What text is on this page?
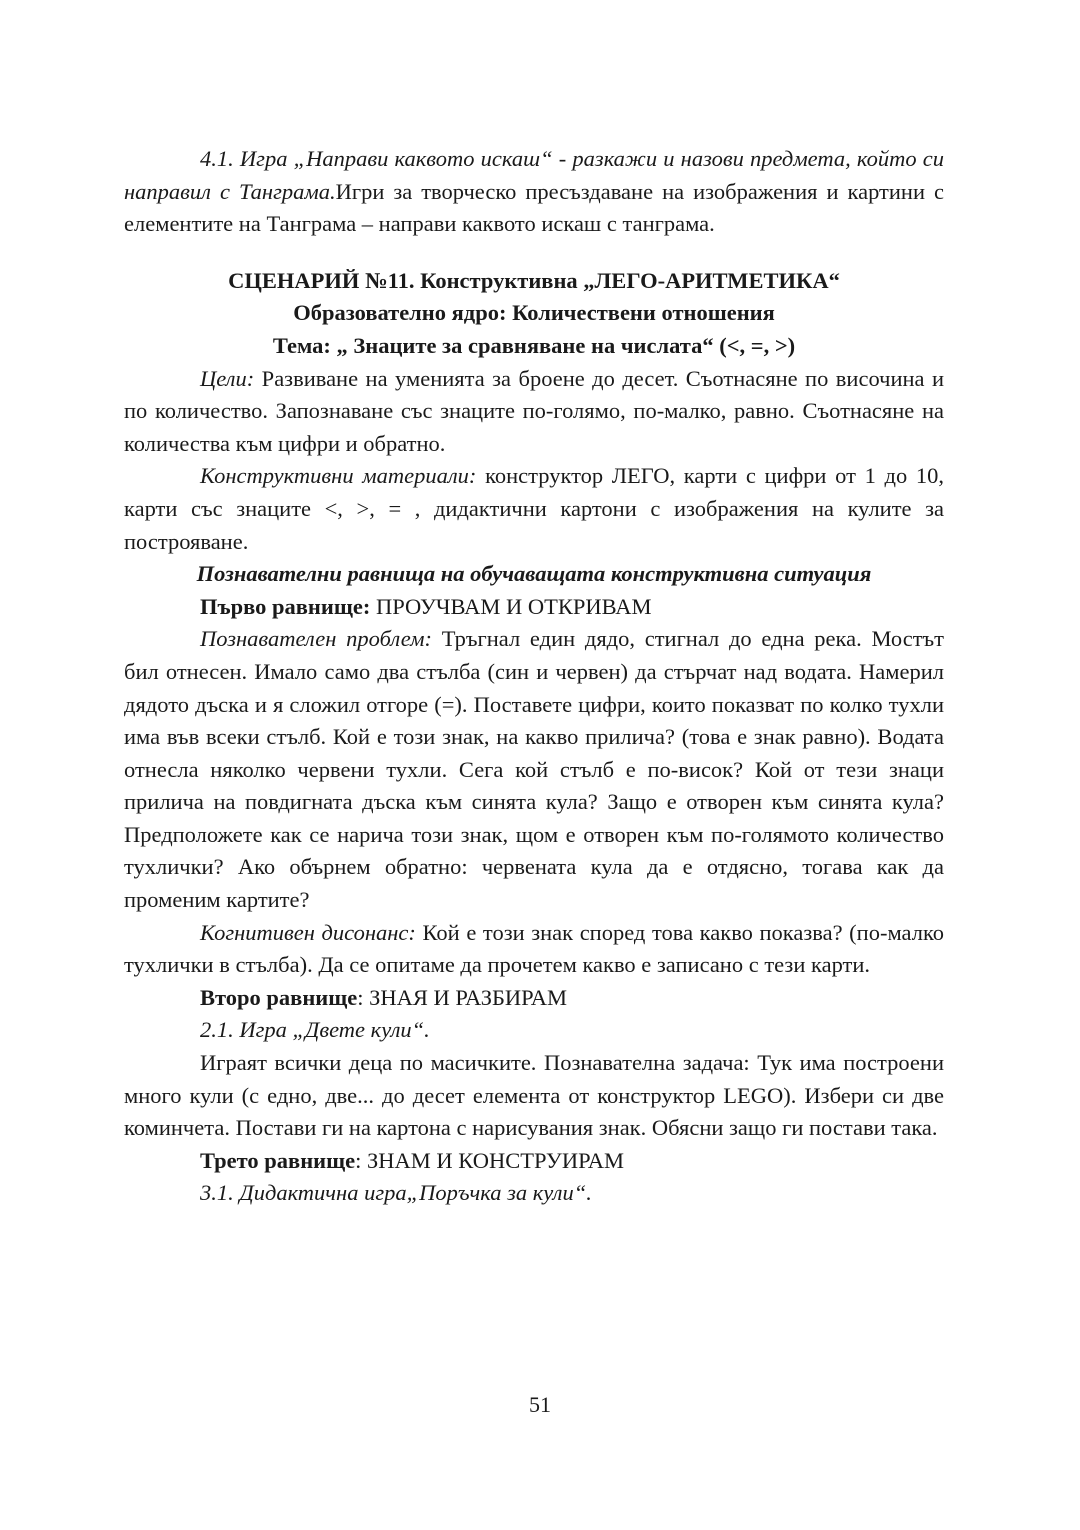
4.1. Игра „Направи каквото искаш“ - разкажи и назови предмета, който си направил с Танграма.Игри за творческо пресъздаване на изображения и картини с елементите на Танграма – направи каквото искаш с танграма.

СЦЕНАРИЙ №11. Конструктивна „ЛЕГО-АРИТМЕТИКА“

Образователно ядро: Количествени отношения

Тема: „ Знаците за сравняване на числата“ (<, =, >)

Цели: Развиване на уменията за броене до десет. Съотнасяне по височина и по количество. Запознаване със знаците по-голямо, по-малко, равно. Съотнасяне на количества към цифри и обратно.

Конструктивни материали: конструктор ЛЕГО, карти с цифри от 1 до 10, карти със знаците <, >, = , дидактични картони с изображения на кулите за построяване.

Познавателни равнища на обучаващата конструктивна ситуация

Първо равнище: ПРОУЧВАМ И ОТКРИВАМ

Познавателен проблем: Тръгнал един дядо, стигнал до една река. Мостът бил отнесен. Имало само два стълба (син и червен) да стърчат над водата. Намерил дядото дъска и я сложил отгоре (=). Поставете цифри, които показват по колко тухли има във всеки стълб. Кой е този знак, на какво прилича? (това е знак равно). Водата отнесла няколко червени тухли. Сега кой стълб е по-висок? Кой от тези знаци прилича на повдигната дъска към синята кула? Защо е отворен към синята кула? Предположете как се нарича този знак, щом е отворен към по-голямото количество тухлички? Ако обърнем обратно: червената кула да е отдясно, тогава как да променим картите?

Когнитивен дисонанс: Кой е този знак според това какво показва? (по-малко тухлички в стълба). Да се опитаме да прочетем какво е записано с тези карти.

Второ равнище: ЗНАЯ И РАЗБИРАМ

2.1. Игра „Двете кули“.

Играят всички деца по масичките. Познавателна задача: Тук има построени много кули (с едно, две... до десет елемента от конструктор LEGO). Избери си две коминчета. Постави ги на картона с нарисувания знак. Обясни защо ги постави така.

Трето равнище: ЗНАМ И КОНСТРУИРАМ

3.1. Дидактична игра„Поръчка за кули“.

51
